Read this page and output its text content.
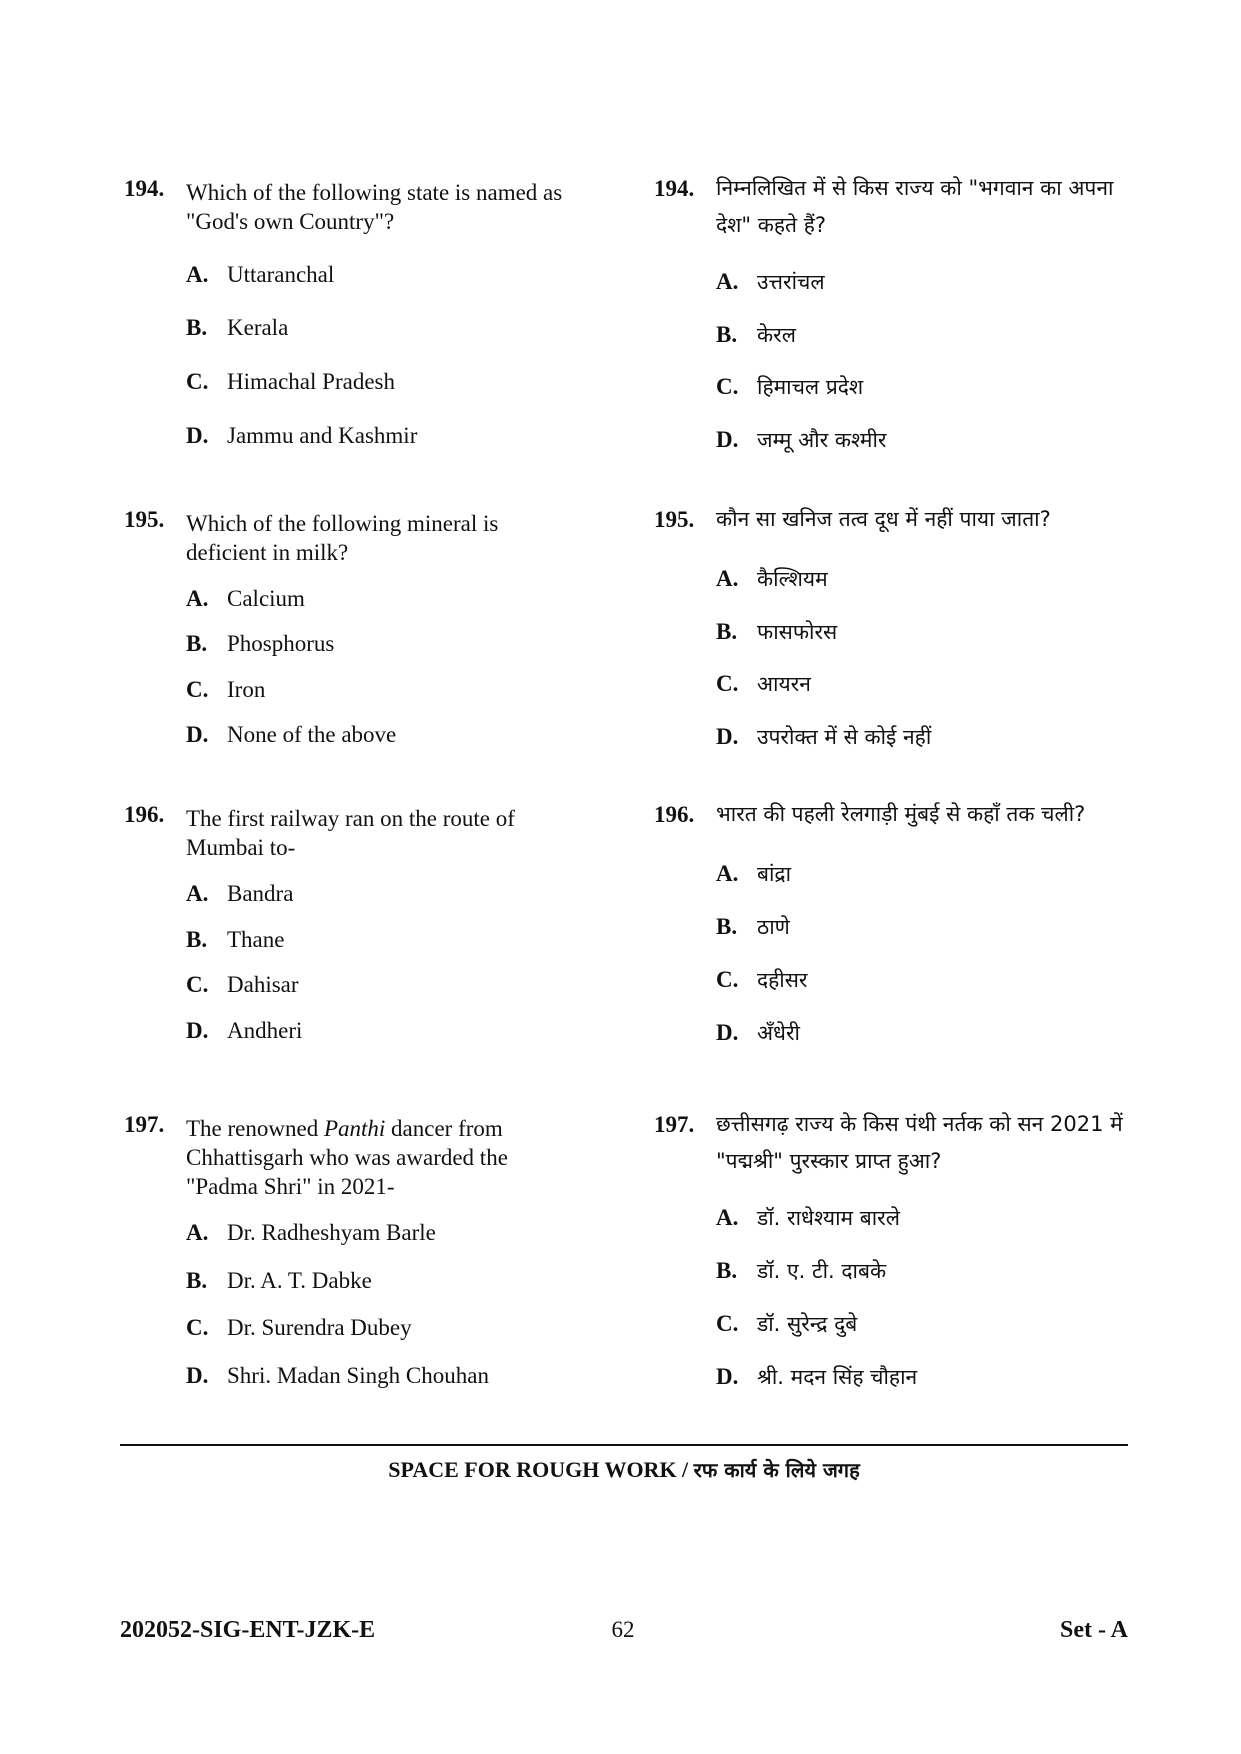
194. Which of the following state is named as "God's own Country"?
A. Uttaranchal
B. Kerala
C. Himachal Pradesh
D. Jammu and Kashmir
195. Which of the following mineral is deficient in milk?
A. Calcium
B. Phosphorus
C. Iron
D. None of the above
196. The first railway ran on the route of Mumbai to-
A. Bandra
B. Thane
C. Dahisar
D. Andheri
197. The renowned Panthi dancer from Chhattisgarh who was awarded the "Padma Shri" in 2021-
A. Dr. Radheshyam Barle
B. Dr. A. T. Dabke
C. Dr. Surendra Dubey
D. Shri. Madan Singh Chouhan
194. निम्नलिखित में से किस राज्य को "भगवान का अपना देश" कहते हैं?
A. उत्तरांचल
B. केरल
C. हिमाचल प्रदेश
D. जम्मू और कश्मीर
195. कौन सा खनिज तत्व दूध में नहीं पाया जाता?
A. कैल्शियम
B. फासफोरस
C. आयरन
D. उपरोक्त में से कोई नहीं
196. भारत की पहली रेलगाड़ी मुंबई से कहाँ तक चली?
A. बांद्रा
B. ठाणे
C. दहीसर
D. अँधेरी
197. छत्तीसगढ़ राज्य के किस पंथी नर्तक को सन 2021 में "पद्मश्री" पुरस्कार प्राप्त हुआ?
A. डॉ. राधेश्याम बारले
B. डॉ. ए. टी. दाबके
C. डॉ. सुरेन्द्र दुबे
D. श्री. मदन सिंह चौहान
SPACE FOR ROUGH WORK / रफ कार्य के लिये जगह
202052-SIG-ENT-JZK-E	62	Set - A
